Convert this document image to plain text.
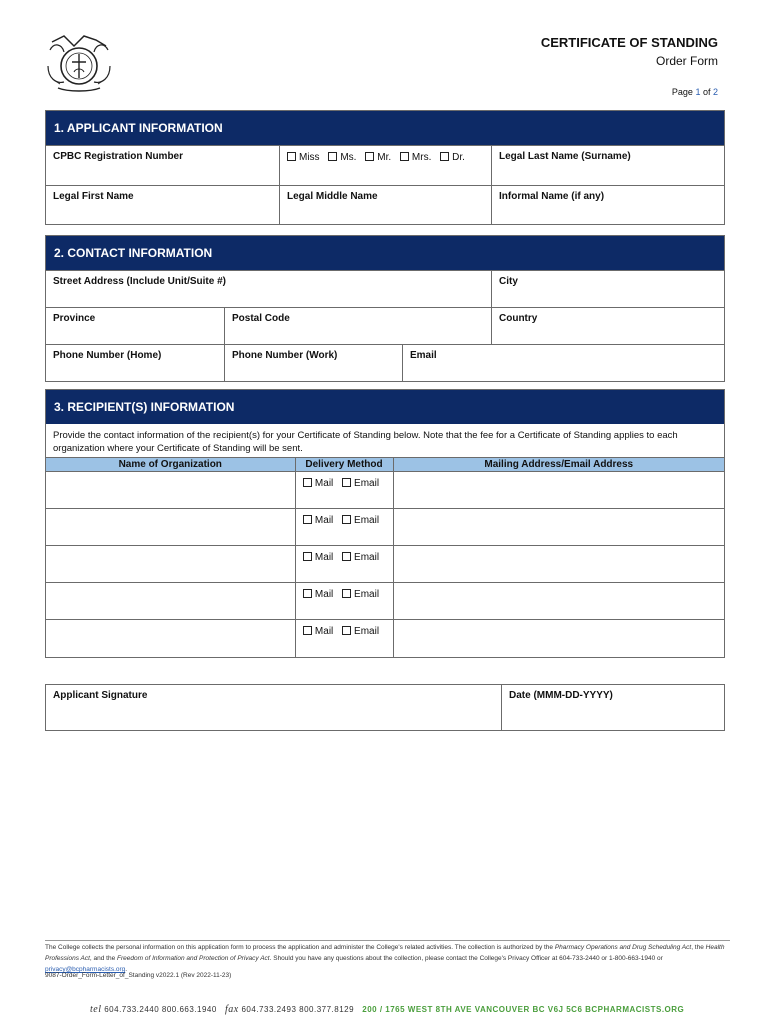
CERTIFICATE OF STANDING
Order Form
Page 1 of 2
1. APPLICANT INFORMATION
CPBC Registration Number	Miss Ms. Mr. Mrs. Dr.	Legal Last Name (Surname)
Legal First Name	Legal Middle Name	Informal Name (if any)
2. CONTACT INFORMATION
Street Address (Include Unit/Suite #)	City
Province	Postal Code	Country
Phone Number (Home)	Phone Number (Work)	Email
3. RECIPIENT(S) INFORMATION
Provide the contact information of the recipient(s) for your Certificate of Standing below. Note that the fee for a Certificate of Standing applies to each organization where your Certificate of Standing will be sent.
Name of Organization	Delivery Method	Mailing Address/Email Address
	Mail Email	
	Mail Email	
	Mail Email	
	Mail Email	
	Mail Email	
Applicant Signature	Date (MMM-DD-YYYY)
The College collects the personal information on this application form to process the application and administer the College's related activities. The collection is authorized by the Pharmacy Operations and Drug Scheduling Act, the Health Professions Act, and the Freedom of Information and Protection of Privacy Act. Should you have any questions about the collection, please contact the College's Privacy Officer at 604-733-2440 or 1-800-663-1940 or privacy@bcpharmacists.org.
9087-Order_Form-Letter_of_Standing v2022.1 (Rev 2022-11-23)
tel 604.733.2440 800.663.1940 fax 604.733.2493 800.377.8129 200 / 1765 WEST 8TH AVE VANCOUVER BC V6J 5C6 BCPHARMACISTS.ORG
